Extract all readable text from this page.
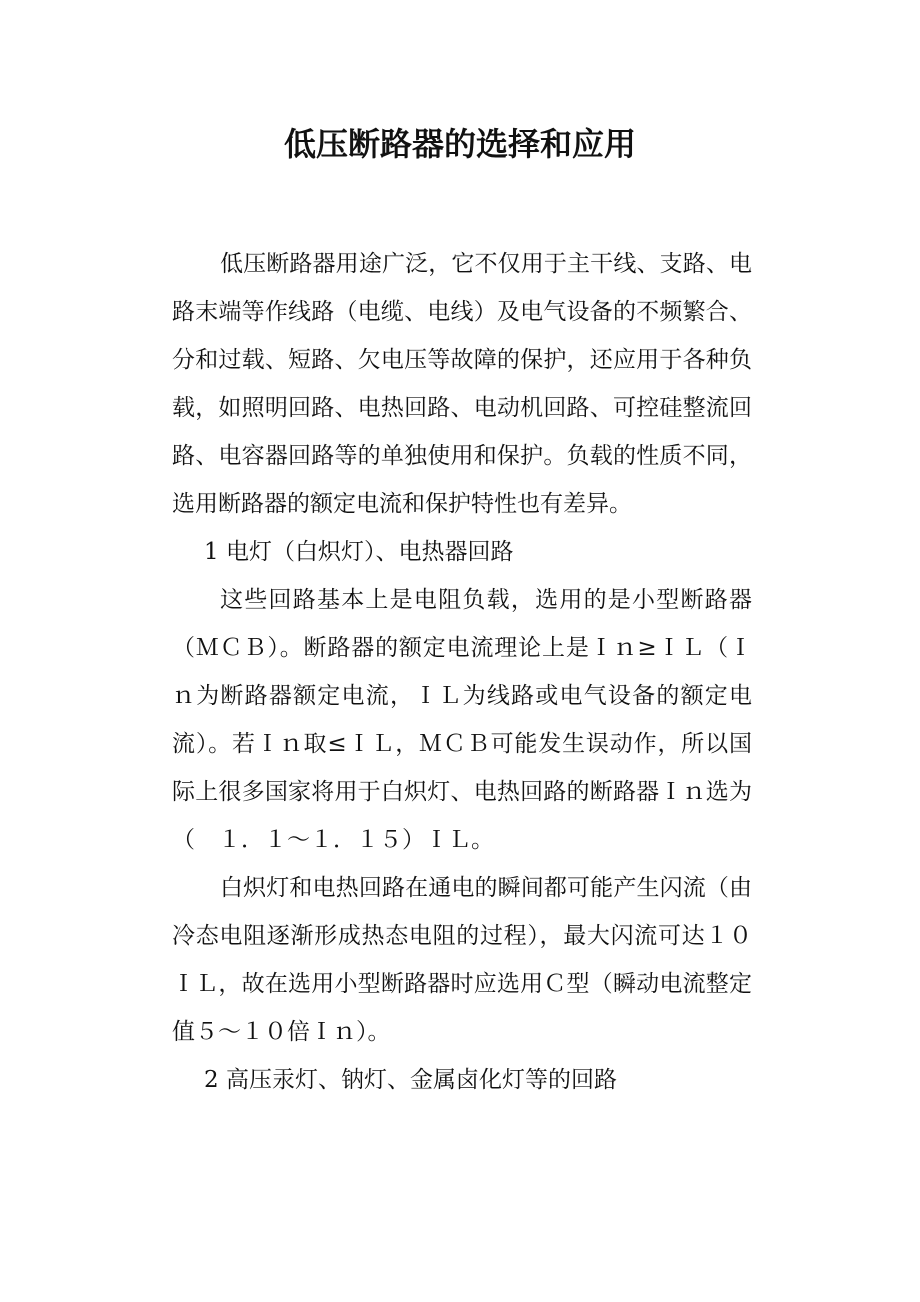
低压断路器的选择和应用

低压断路器用途广泛，它不仅用于主干线、支路、电路末端等作线路（电缆、电线）及电气设备的不频繁合、分和过载、短路、欠电压等故障的保护，还应用于各种负载，如照明回路、电热回路、电动机回路、可控硅整流回路、电容器回路等的单独使用和保护。负载的性质不同，选用断路器的额定电流和保护特性也有差异。

1 电灯（白炽灯）、电热器回路

这些回路基本上是电阻负载，选用的是小型断路器（ＭＣＢ）。断路器的额定电流理论上是Ｉｎ≥ＩＬ（Ｉｎ为断路器额定电流，ＩＬ为线路或电气设备的额定电流）。若Ｉｎ取≤ＩＬ，ＭＣＢ可能发生误动作，所以国际上很多国家将用于白炽灯、电热回路的断路器Ｉｎ选为（　１．１～１．１５）ＩＬ。

白炽灯和电热回路在通电的瞬间都可能产生闪流（由冷态电阻逐渐形成热态电阻的过程），最大闪流可达１０ＩＬ，故在选用小型断路器时应选用Ｃ型（瞬动电流整定值５～１０倍Ｉｎ）。

2 高压汞灯、钠灯、金属卤化灯等的回路
